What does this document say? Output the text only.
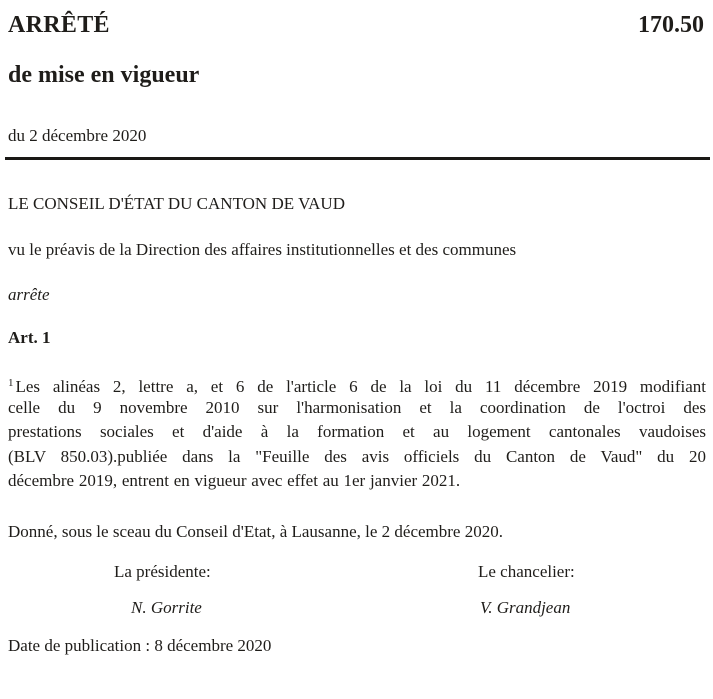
ARRÊTÉ	170.50
de mise en vigueur
du 2 décembre 2020
LE CONSEIL D'ÉTAT DU CANTON DE VAUD
vu le préavis de la Direction des affaires institutionnelles et des communes
arrête
Art. 1
$^1$ Les alinéas 2, lettre a, et 6 de l'article 6 de la loi du 11 décembre 2019 modifiant
celle du 9 novembre 2010 sur l'harmonisation et la coordination de l'octroi des
prestations sociales et d'aide à la formation et au logement cantonales vaudoises
(BLV 850.03).publiée dans la "Feuille des avis officiels du Canton de Vaud" du 20
décembre 2019, entrent en vigueur avec effet au 1er janvier 2021.
Donné, sous le sceau du Conseil d'Etat, à Lausanne, le 2 décembre 2020.
La présidente:	Le chancelier:
N. Gorrite	V. Grandjean
Date de publication : 8 décembre 2020
